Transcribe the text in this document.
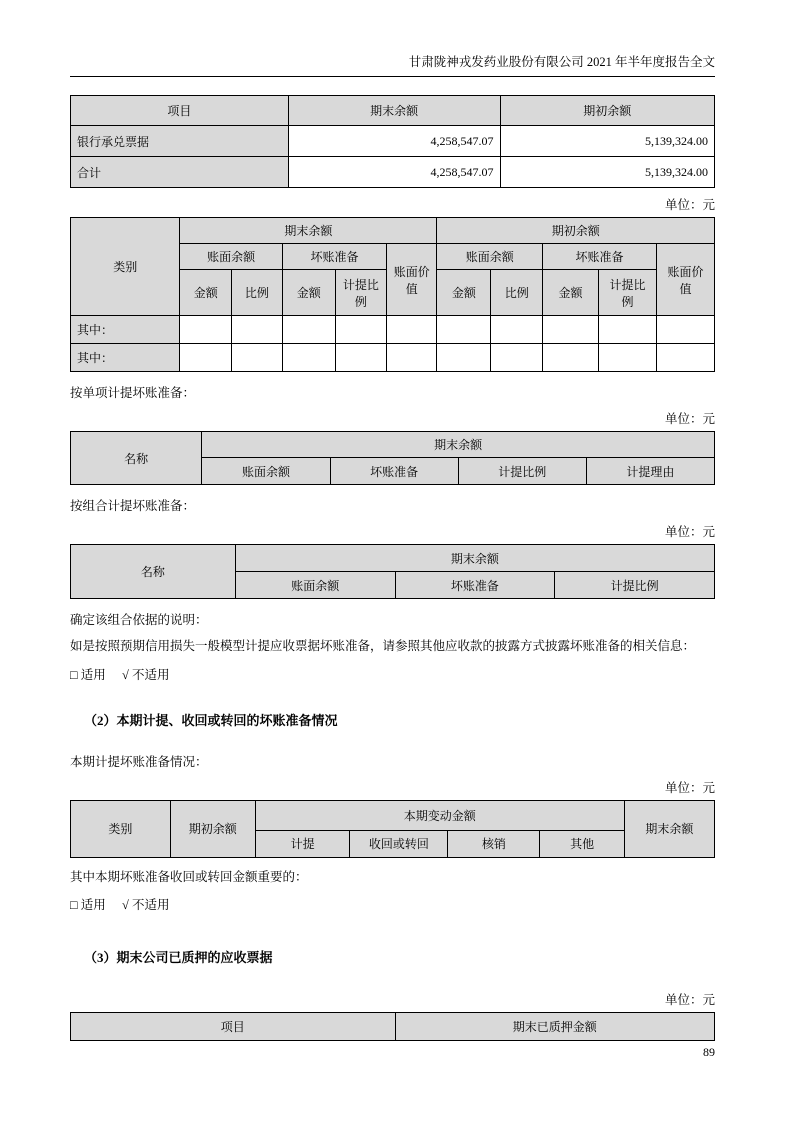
甘肃陇神戎发药业股份有限公司 2021 年半年度报告全文
项目	期末余额	期初余额
银行承兑票据	4,258,547.07	5,139,324.00
合计	4,258,547.07	5,139,324.00
单位：元
类别	期末余额					期初余额				
	账面余额		坏账准备		账面价值	账面余额		坏账准备		账面价值
	金额	比例	金额	计提比例		金额	比例	金额	计提比例	
其中：										
其中：										
按单项计提坏账准备：
单位：元
名称	期末余额			
	账面余额	坏账准备	计提比例	计提理由
按组合计提坏账准备：
单位：元
名称	期末余额		
	账面余额	坏账准备	计提比例
确定该组合依据的说明：
如是按照预期信用损失一般模型计提应收票据坏账准备，请参照其他应收款的披露方式披露坏账准备的相关信息：
□ 适用 √ 不适用
（2）本期计提、收回或转回的坏账准备情况
本期计提坏账准备情况：
单位：元
类别	期初余额	本期变动金额				期末余额
		计提	收回或转回	核销	其他	
其中本期坏账准备收回或转回金额重要的：
□ 适用 √ 不适用
（3）期末公司已质押的应收票据
单位：元
项目	期末已质押金额
89
